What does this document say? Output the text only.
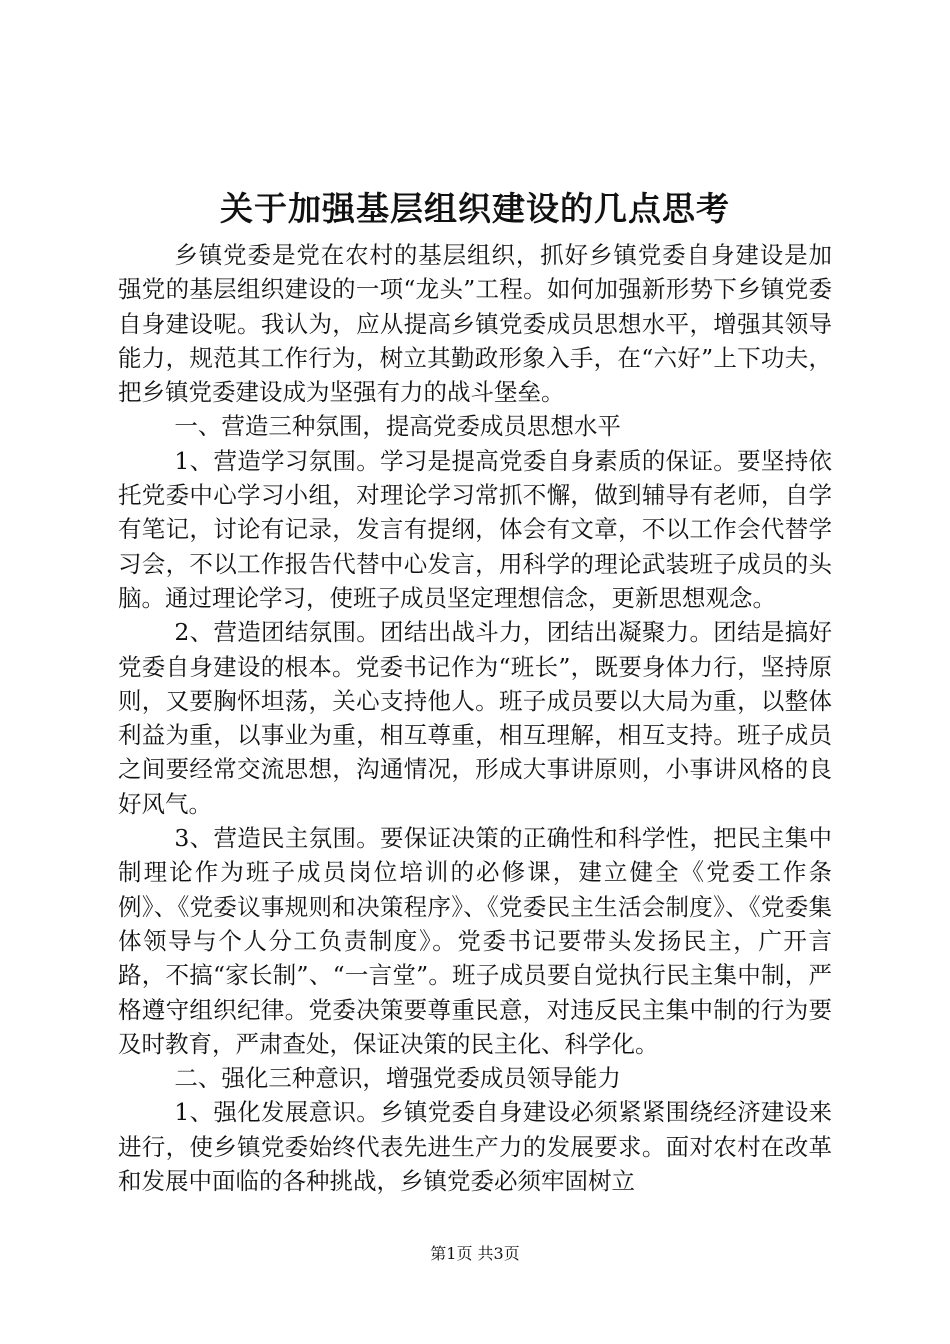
关于加强基层组织建设的几点思考

乡镇党委是党在农村的基层组织，抓好乡镇党委自身建设是加强党的基层组织建设的一项“龙头”工程。如何加强新形势下乡镇党委自身建设呢。我认为，应从提高乡镇党委成员思想水平，增强其领导能力，规范其工作行为，树立其勤政形象入手，在“六好”上下功夫，把乡镇党委建设成为坚强有力的战斗堡垒。

一、营造三种氛围，提高党委成员思想水平

1、营造学习氛围。学习是提高党委自身素质的保证。要坚持依托党委中心学习小组，对理论学习常抓不懈，做到辅导有老师，自学有笔记，讨论有记录，发言有提纲，体会有文章，不以工作会代替学习会，不以工作报告代替中心发言，用科学的理论武装班子成员的头脑。通过理论学习，使班子成员坚定理想信念，更新思想观念。

2、营造团结氛围。团结出战斗力，团结出凝聚力。团结是搞好党委自身建设的根本。党委书记作为“班长”，既要身体力行，坚持原则，又要胸怀坦荡，关心支持他人。班子成员要以大局为重，以整体利益为重，以事业为重，相互尊重，相互理解，相互支持。班子成员之间要经常交流思想，沟通情况，形成大事讲原则，小事讲风格的良好风气。

3、营造民主氛围。要保证决策的正确性和科学性，把民主集中制理论作为班子成员岗位培训的必修课，建立健全《党委工作条例》、《党委议事规则和决策程序》、《党委民主生活会制度》、《党委集体领导与个人分工负责制度》。党委书记要带头发扬民主，广开言路，不搞“家长制”、“一言堂”。班子成员要自觉执行民主集中制，严格遵守组织纪律。党委决策要尊重民意，对违反民主集中制的行为要及时教育，严肃查处，保证决策的民主化、科学化。

二、强化三种意识，增强党委成员领导能力

1、强化发展意识。乡镇党委自身建设必须紧紧围绕经济建设来进行，使乡镇党委始终代表先进生产力的发展要求。面对农村在改革和发展中面临的各种挑战，乡镇党委必须牢固树立

第1页 共3页
